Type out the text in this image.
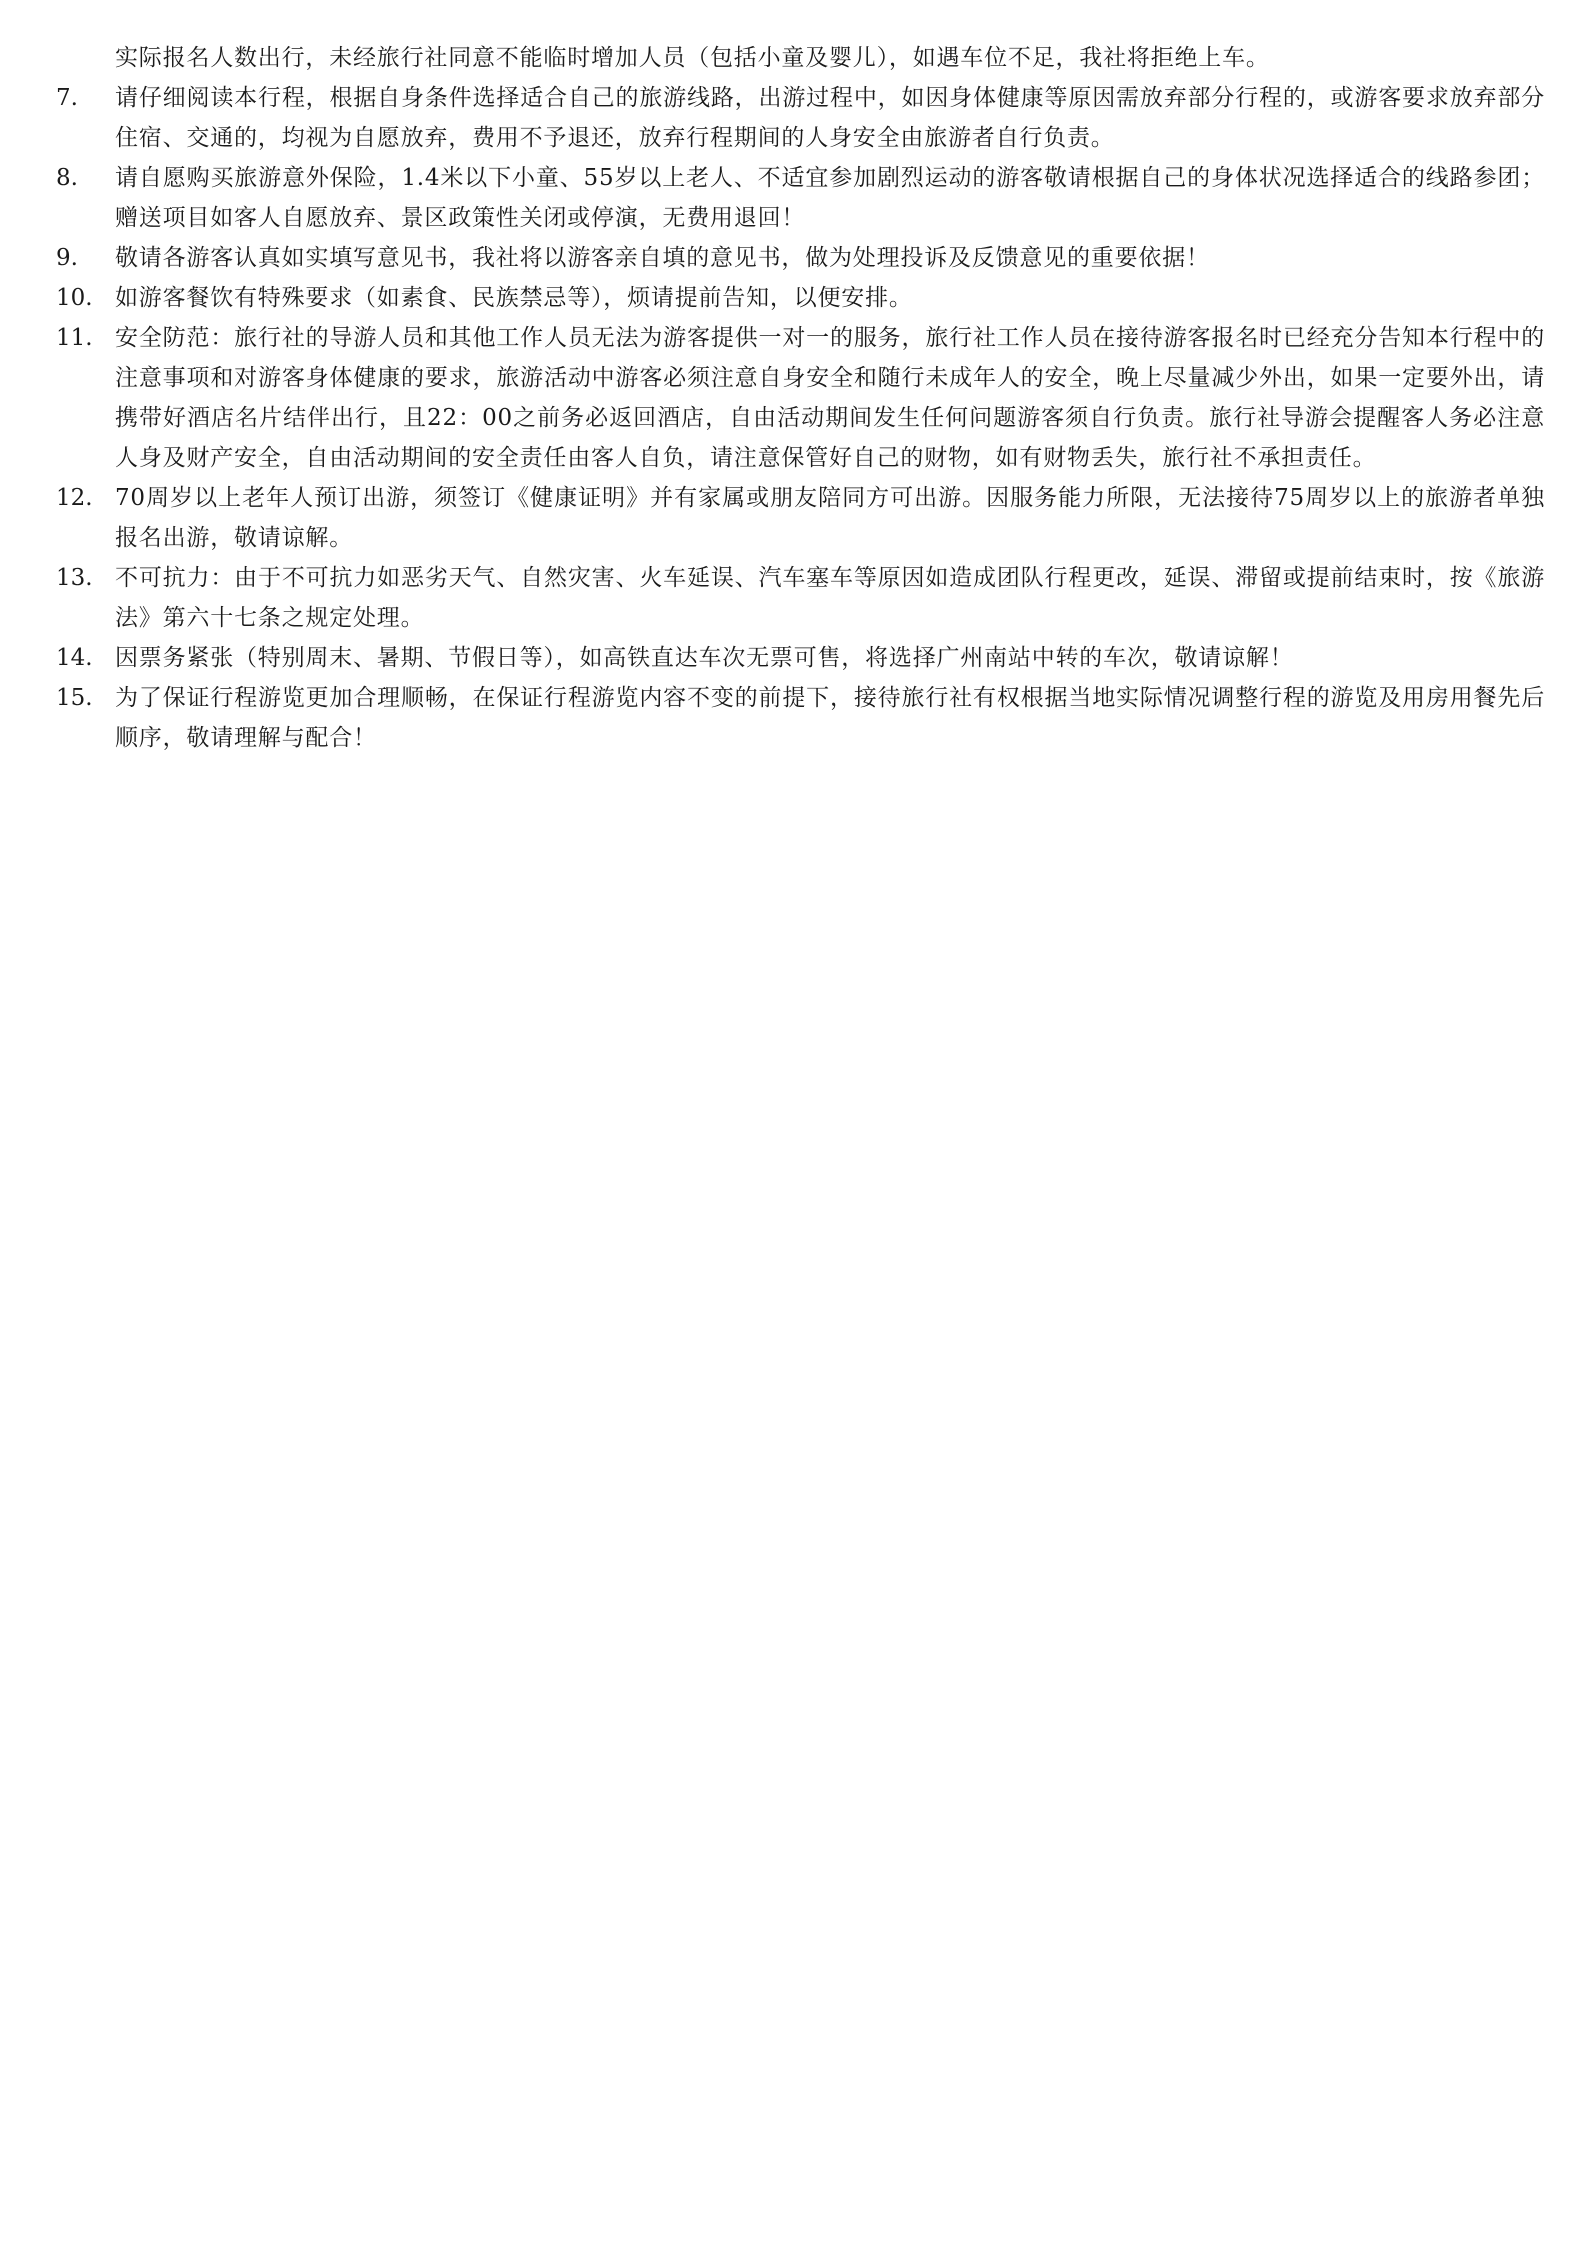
实际报名人数出行，未经旅行社同意不能临时增加人员（包括小童及婴儿），如遇车位不足，我社将拒绝上车。
7.	请仔细阅读本行程，根据自身条件选择适合自己的旅游线路，出游过程中，如因身体健康等原因需放弃部分行程的，或游客要求放弃部分住宿、交通的，均视为自愿放弃，费用不予退还，放弃行程期间的人身安全由旅游者自行负责。
8.	请自愿购买旅游意外保险，1.4米以下小童、55岁以上老人、不适宜参加剧烈运动的游客敬请根据自己的身体状况选择适合的线路参团；赠送项目如客人自愿放弃、景区政策性关闭或停演，无费用退回！
9.	敬请各游客认真如实填写意见书，我社将以游客亲自填的意见书，做为处理投诉及反馈意见的重要依据！
10. 如游客餐饮有特殊要求（如素食、民族禁忌等），烦请提前告知，以便安排。
11. 安全防范：旅行社的导游人员和其他工作人员无法为游客提供一对一的服务，旅行社工作人员在接待游客报名时已经充分告知本行程中的注意事项和对游客身体健康的要求，旅游活动中游客必须注意自身安全和随行未成年人的安全，晚上尽量减少外出，如果一定要外出，请携带好酒店名片结伴出行，且22：00之前务必返回酒店，自由活动期间发生任何问题游客须自行负责。旅行社导游会提醒客人务必注意人身及财产安全，自由活动期间的安全责任由客人自负，请注意保管好自己的财物，如有财物丢失，旅行社不承担责任。
12. 70周岁以上老年人预订出游，须签订《健康证明》并有家属或朋友陪同方可出游。因服务能力所限，无法接待75周岁以上的旅游者单独报名出游，敬请谅解。
13. 不可抗力：由于不可抗力如恶劣天气、自然灾害、火车延误、汽车塞车等原因如造成团队行程更改，延误、滞留或提前结束时，按《旅游法》第六十七条之规定处理。
14. 因票务紧张（特别周末、暑期、节假日等），如高铁直达车次无票可售，将选择广州南站中转的车次，敬请谅解！
15. 为了保证行程游览更加合理顺畅，在保证行程游览内容不变的前提下，接待旅行社有权根据当地实际情况调整行程的游览及用房用餐先后顺序，敬请理解与配合！
